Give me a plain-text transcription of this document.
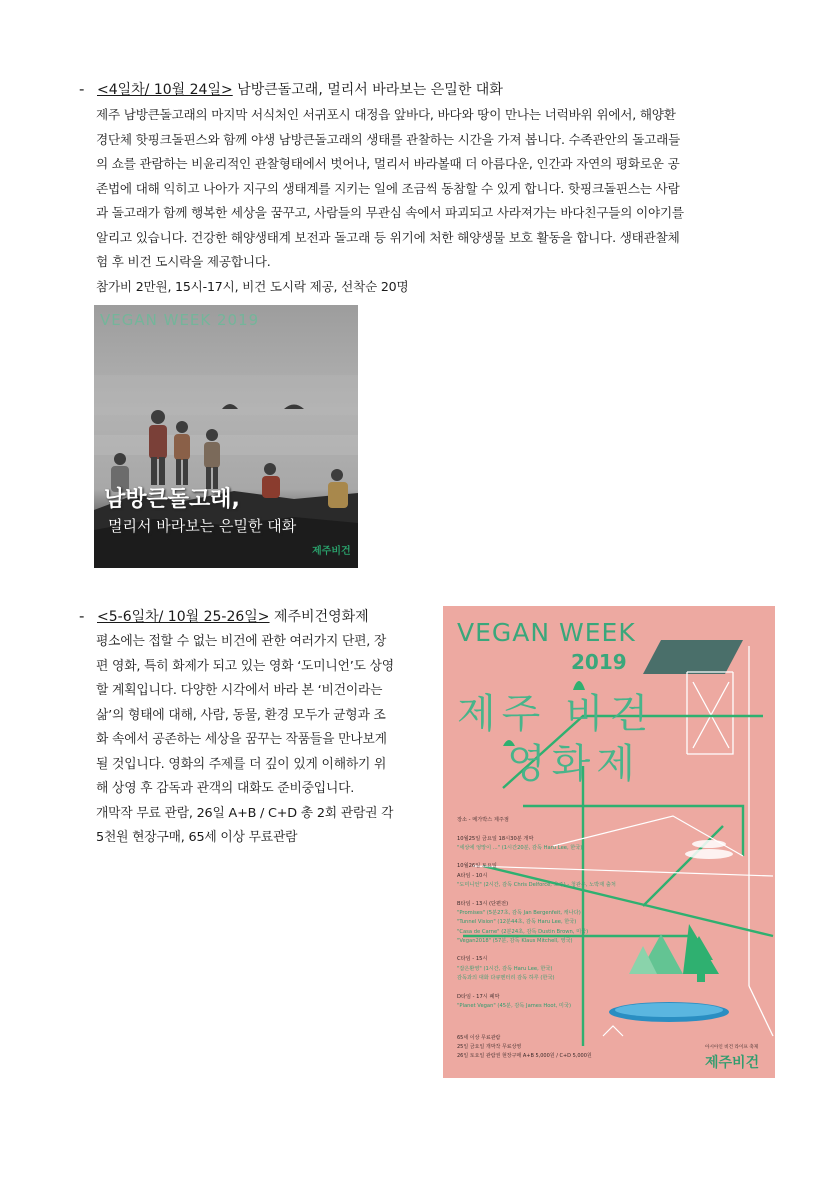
- <4일차/ 10월 24일> 남방큰돌고래, 멀리서 바라보는 은밀한 대화

제주 남방큰돌고래의 마지막 서식처인 서귀포시 대정읍 앞바다, 바다와 땅이 만나는 너럭바위 위에서, 해양환

경단체 핫핑크돌핀스와 함께 야생 남방큰돌고래의 생태를 관찰하는 시간을 가져 봅니다. 수족관안의 돌고래들

의 쇼를 관람하는 비윤리적인 관찰형태에서 벗어나, 멀리서 바라볼때 더 아름다운, 인간과 자연의 평화로운 공

존법에 대해 익히고 나아가 지구의 생태계를 지키는 일에 조금씩 동참할 수 있게 합니다. 핫핑크돌핀스는 사람

과 돌고래가 함께 행복한 세상을 꿈꾸고, 사람들의 무관심 속에서 파괴되고 사라져가는 바다친구들의 이야기를

알리고 있습니다. 건강한 해양생태계 보전과 돌고래 등 위기에 처한 해양생물 보호 활동을 합니다. 생태관찰체

험 후 비건 도시락을 제공합니다.

참가비 2만원, 15시-17시, 비건 도시락 제공, 선착순 20명

VEGAN WEEK 2019
남방큰돌고래,
멀리서 바라보는 은밀한 대화
제주비건
- <5-6일차/ 10월 25-26일> 제주비건영화제

평소에는 접할 수 없는 비건에 관한 여러가지 단편, 장

편 영화, 특히 화제가 되고 있는 영화 ‘도미니언’도 상영

할 계획입니다. 다양한 시각에서 바라 본 ‘비건이라는

삶’의 형태에 대해, 사람, 동물, 환경 모두가 균형과 조

화 속에서 공존하는 세상을 꿈꾸는 작품들을 만나보게

될 것입니다. 영화의 주제를 더 깊이 있게 이해하기 위

해 상영 후 감독과 관객의 대화도 준비중입니다.

개막작 무료 관람, 26일 A+B / C+D 총 2회 관람권 각

5천원 현장구매, 65세 이상 무료관람

VEGAN WEEK
2019
제주 비건
영화제
장소 - 메가박스 제주점

10월25일 금요일 18시30분 개막
"세상에 엉망이 ..." (1시간20분, 감독 Haru Lee, 한국)

10월26일 토요일
A타임 - 10시
"도미니언" (2시간, 감독 Chris Delforce, 호주) - 청관우, 노박재 출처

B타임 - 13시 (단편전)
"Promises" (5분27초, 감독 Jan Bergenfeit, 캐나다)
"Tunnel Vision" (12분44초, 감독 Haru Lee, 한국)
"Casa de Carne" (2분24초, 감독 Dustin Brown, 미국)
"Vegan2018" (57분, 감독 Klaus Mitchell, 영국)

C타임 - 15시
"잡은환영" (1시간, 감독 Haru Lee, 한국)
감독과의 대화 다큐멘터리 감독 하루 (한국)

D타임 - 17시 폐막
"Planet Vegan" (45분, 감독 James Hoot, 미국)
65세 이상 무료관람
25일 금요일 개막작 무료상영
26일 토요일 관람권 현장구매 A+B 5,000원 / C+D 5,000원
아시아인 비건 라이프 축제
제주비건
